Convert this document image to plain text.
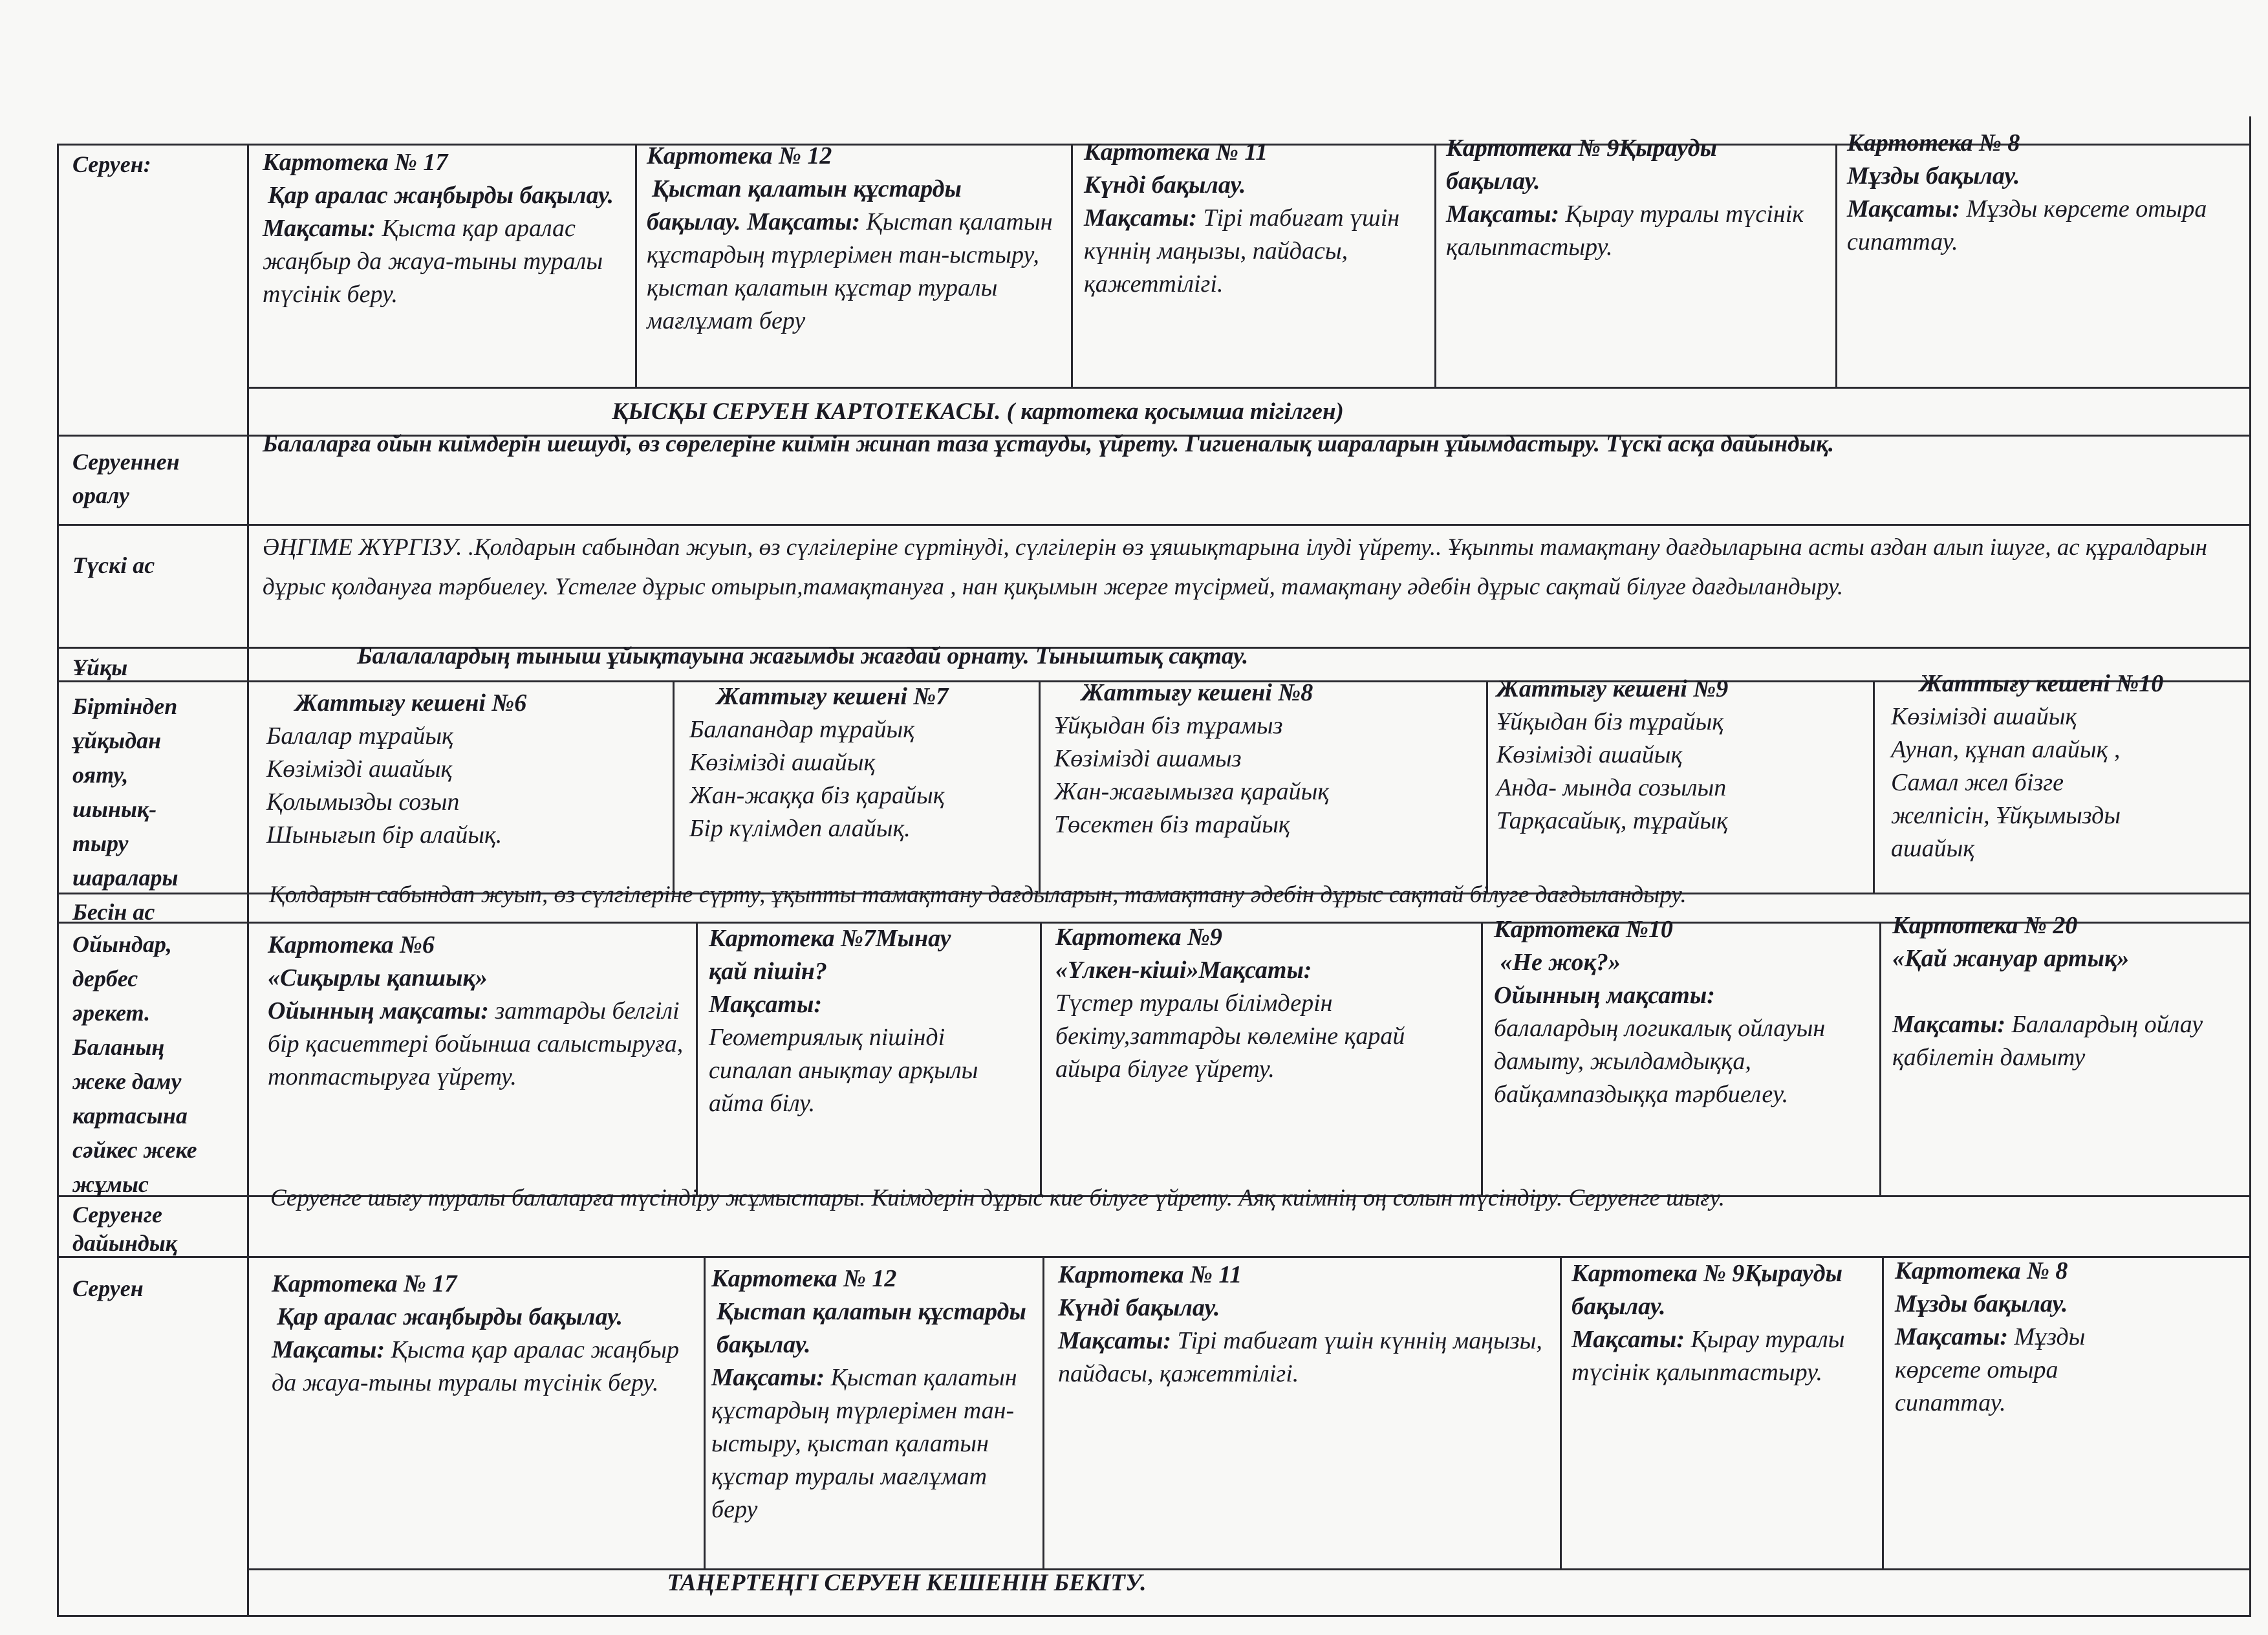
Серуен:
Серуеннен
оралу
Түскі ас
Ұйқы
Біртіндеп
ұйқыдан
ояту,
шынық-
тыру
шаралары
Бесін ас
Ойындар,
дербес
әрекет.
Баланың
жеке даму
картасына
сәйкес жеке
жұмыс
Серуенге
дайындық
Серуен
Картотека № 17
Қар аралас жаңбырды бақылау.
Мақсаты: Қыста қар аралас жаңбыр да жауа-тыны туралы түсінік беру.
Картотека № 12
Қыстап қалатын құстарды бақылау. Мақсаты: Қыстап қалатын құстардың түрлерімен тан-ыстыру, қыстап қалатын құстар туралы мағлұмат беру
Картотека № 11
Күнді бақылау.
Мақсаты: Тірі табиғат үшін күннің маңызы, пайдасы, қажеттілігі.
Картотека № 9Қырауды
бақылау.
Мақсаты: Қырау туралы түсінік қалыптастыру.
Картотека № 8
Мұзды бақылау.
Мақсаты: Мұзды көрсете отыра сипаттау.
ҚЫСҚЫ СЕРУЕН КАРТОТЕКАСЫ. ( картотека қосымша тігілген)
Балаларға ойын киімдерін шешуді, өз сөрелеріне киімін жинап таза ұстауды, үйрету. Гигиеналық шараларын ұйымдастыру. Түскі асқа дайындық.
ӘҢГІМЕ ЖҮРГІЗУ. .Қолдарын сабындап жуып, өз сүлгілеріне сүртінуді, сүлгілерін өз ұяшықтарына ілуді үйрету.. Ұқыпты тамақтану дағдыларына асты аздан алып ішуге, ас құралдарын дұрыс қолдануға тәрбиелеу. Үстелге дұрыс отырып,тамақтануға , нан қиқымын жерге түсірмей, тамақтану әдебін дұрыс сақтай білуге дағдыландыру.
Балалалардың тыныш ұйықтауына жағымды жағдай орнату. Тыныштық сақтау.
Жаттығу кешені №6
Балалар тұрайық
Көзімізді ашайық
Қолымызды созып
Шынығып бір алайық.
Жаттығу кешені №7
Балапандар тұрайық
Көзімізді ашайық
Жан-жаққа біз қарайық
Бір күлімдеп алайық.
Жаттығу кешені №8
Ұйқыдан біз тұрамыз
Көзімізді ашамыз
Жан-жағымызға қарайық
Төсектен біз тарайық
Жаттығу кешені №9
Ұйқыдан біз тұрайық
Көзімізді ашайық
Анда- мында созылып
Тарқасайық, тұрайық
Жаттығу кешені №10
Көзімізді ашайық
Аунап, құнап алайық ,
Самал жел бізге
желпісін, Ұйқымызды
ашайық
Қолдарын сабындап жуып, өз сүлгілеріне сүрту, ұқыпты тамақтану дағдыларын, тамақтану әдебін дұрыс сақтай білуге дағдыландыру.
Картотека №6
«Сиқырлы қапшық»
Ойынның мақсаты: заттарды белгілі бір қасиеттері бойынша салыстыруға, топтастыруға үйрету.
Картотека №7Мынау
қай пішін?
Мақсаты:
Геометриялық пішінді сипалап анықтау арқылы айта білу.
Картотека №9
«Үлкен-кіші»Мақсаты:
Түстер туралы білімдерін бекіту,заттарды көлеміне қарай айыра білуге үйрету.
Картотека №10
«Не жоқ?»
Ойынның мақсаты:
балалардың логикалық ойлауын дамыту, жылдамдыққа, байқампаздыққа тәрбиелеу.
Картотека № 20
«Қай жануар артық»
Мақсаты: Балалардың ойлау қабілетін дамыту
Серуенге шығу туралы балаларға түсіндіру жұмыстары. Киімдерін дұрыс кие білуге үйрету. Аяқ киімнің оң солын түсіндіру. Серуенге шығу.
Картотека № 17
Қар аралас жаңбырды бақылау.
Мақсаты: Қыста қар аралас жаңбыр да жауа-тыны туралы түсінік беру.
Картотека № 12
Қыстап қалатын құстарды бақылау.
Мақсаты: Қыстап қалатын құстардың түрлерімен тан-ыстыру, қыстап қалатын құстар туралы мағлұмат беру
Картотека № 11
Күнді бақылау.
Мақсаты: Тірі табиғат үшін күннің маңызы, пайдасы, қажеттілігі.
Картотека № 9Қырауды бақылау.
Мақсаты: Қырау туралы түсінік қалыптастыру.
Картотека № 8
Мұзды бақылау.
Мақсаты: Мұзды көрсете отыра сипаттау.
ТАҢЕРТЕҢГІ СЕРУЕН КЕШЕНІН БЕКІТУ.
